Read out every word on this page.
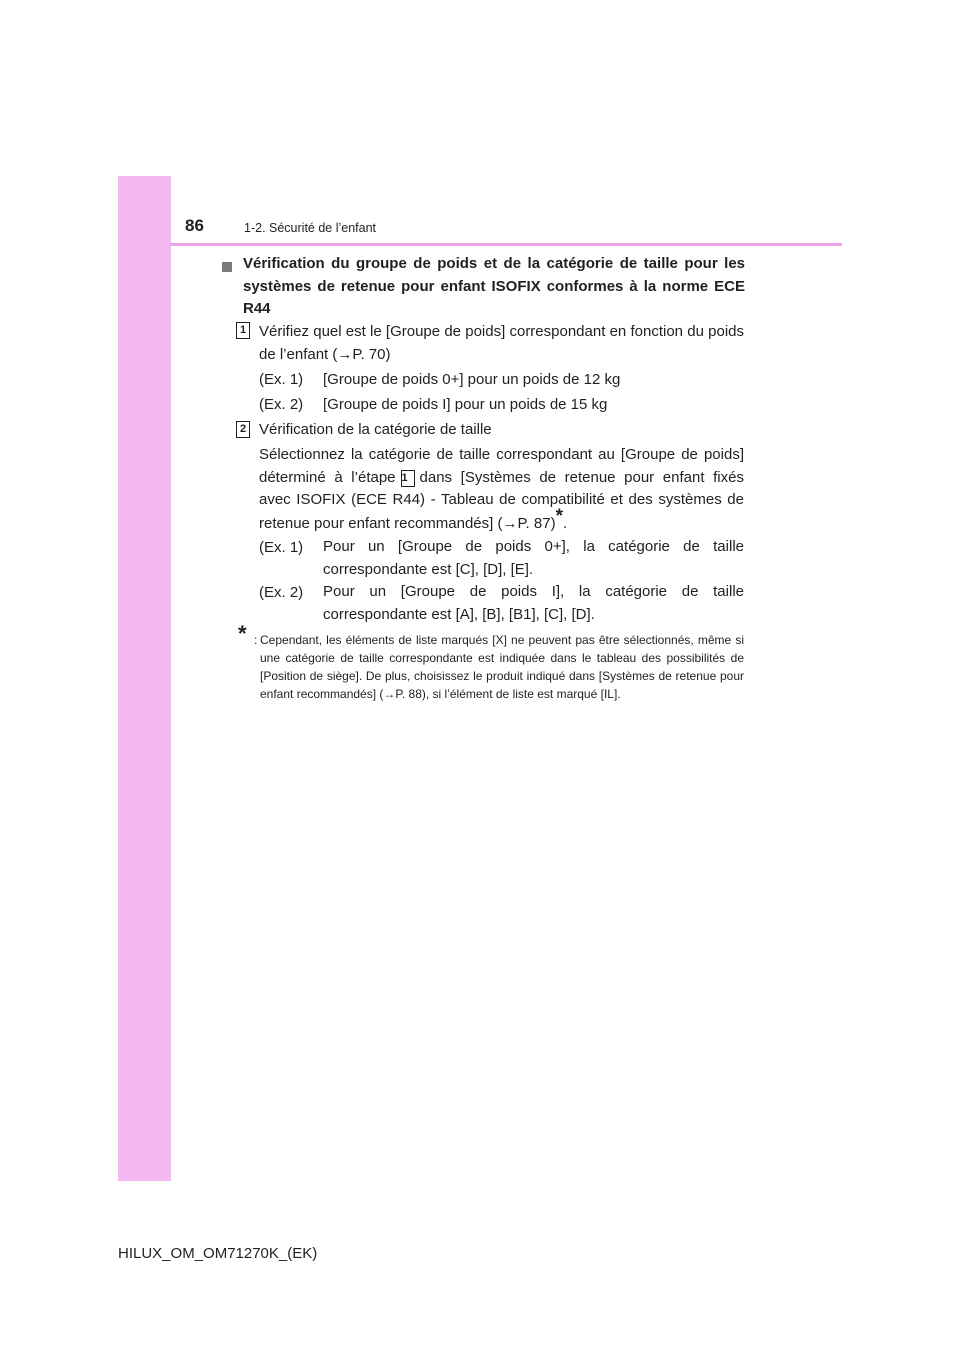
86	1-2. Sécurité de l’enfant
Vérification du groupe de poids et de la catégorie de taille pour les systèmes de retenue pour enfant ISOFIX conformes à la norme ECE R44
1 Vérifiez quel est le [Groupe de poids] correspondant en fonction du poids de l’enfant (→P. 70)
(Ex. 1) [Groupe de poids 0+] pour un poids de 12 kg
(Ex. 2) [Groupe de poids I] pour un poids de 15 kg
2 Vérification de la catégorie de taille
Sélectionnez la catégorie de taille correspondant au [Groupe de poids] déterminé à l’étape 1 dans [Systèmes de retenue pour enfant fixés avec ISOFIX (ECE R44) - Tableau de compatibilité et des systèmes de retenue pour enfant recommandés] (→P. 87)*.
(Ex. 1) Pour un [Groupe de poids 0+], la catégorie de taille correspondante est [C], [D], [E].
(Ex. 2) Pour un [Groupe de poids I], la catégorie de taille correspondante est [A], [B], [B1], [C], [D].
* : Cependant, les éléments de liste marqués [X] ne peuvent pas être sélectionnés, même si une catégorie de taille correspondante est indiquée dans le tableau des possibilités de [Position de siège]. De plus, choisissez le produit indiqué dans [Systèmes de retenue pour enfant recommandés] (→P. 88), si l’élément de liste est marqué [IL].
HILUX_OM_OM71270K_(EK)
